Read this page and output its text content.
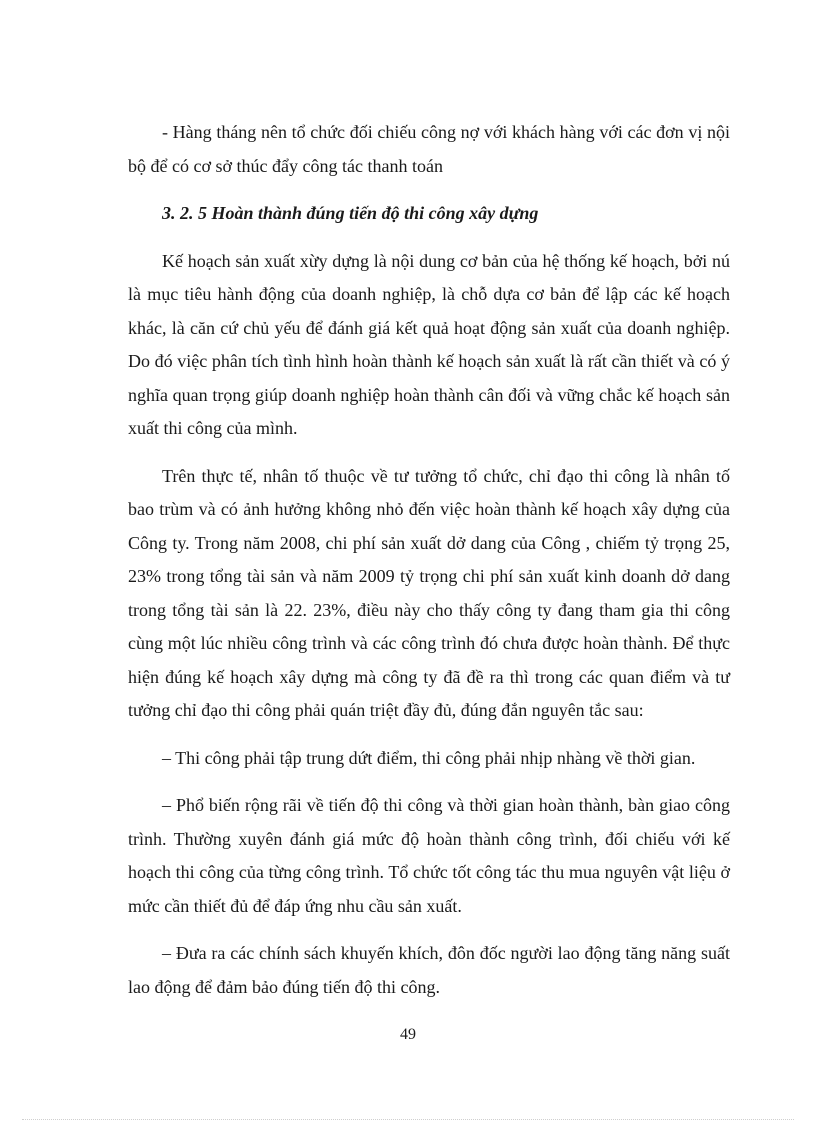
- Hàng tháng nên tổ chức đối chiếu công nợ với khách hàng với các đơn vị nội bộ để có cơ sở thúc đẩy công tác thanh toán

3. 2. 5 Hoàn thành đúng tiến độ thi công xây dựng

Kế hoạch sản xuất xừy dựng là nội dung cơ bản của hệ thống kế hoạch, bởi nú là mục tiêu hành động của doanh nghiệp, là chỗ dựa cơ bản để lập các kế hoạch khác, là căn cứ chủ yếu để đánh giá kết quả hoạt động sản xuất của doanh nghiệp. Do đó việc phân tích tình hình hoàn thành kế hoạch sản xuất là rất cần thiết và có ý nghĩa quan trọng giúp doanh nghiệp hoàn thành cân đối và vững chắc kế hoạch sản xuất thi công của mình.

Trên thực tế, nhân tố thuộc về tư tưởng tổ chức, chỉ đạo thi công là nhân tố bao trùm và có ảnh hưởng không nhỏ đến việc hoàn thành kế hoạch xây dựng của Công ty. Trong năm 2008, chi phí sản xuất dở dang của Công , chiếm tỷ trọng 25, 23% trong tổng tài sản và năm 2009 tỷ trọng chi phí sản xuất kinh doanh dở dang trong tổng tài sản là 22. 23%, điều này cho thấy công ty đang tham gia thi công cùng một lúc nhiều công trình và các công trình đó chưa được hoàn thành. Để thực hiện đúng kế hoạch xây dựng mà công ty đã đề ra thì trong các quan điểm và tư tưởng chỉ đạo thi công phải quán triệt đầy đủ, đúng đắn nguyên tắc sau:

– Thi công phải tập trung dứt điểm, thi công phải nhịp nhàng về thời gian.

– Phổ biến rộng rãi về tiến độ thi công và thời gian hoàn thành, bàn giao công trình. Thường xuyên đánh giá mức độ hoàn thành công trình, đối chiếu với kế hoạch thi công của từng công trình. Tổ chức tốt công tác thu mua nguyên vật liệu ở mức cần thiết đủ để đáp ứng nhu cầu sản xuất.

– Đưa ra các chính sách khuyến khích, đôn đốc người lao động tăng năng suất lao động để đảm bảo đúng tiến độ thi công.

49
